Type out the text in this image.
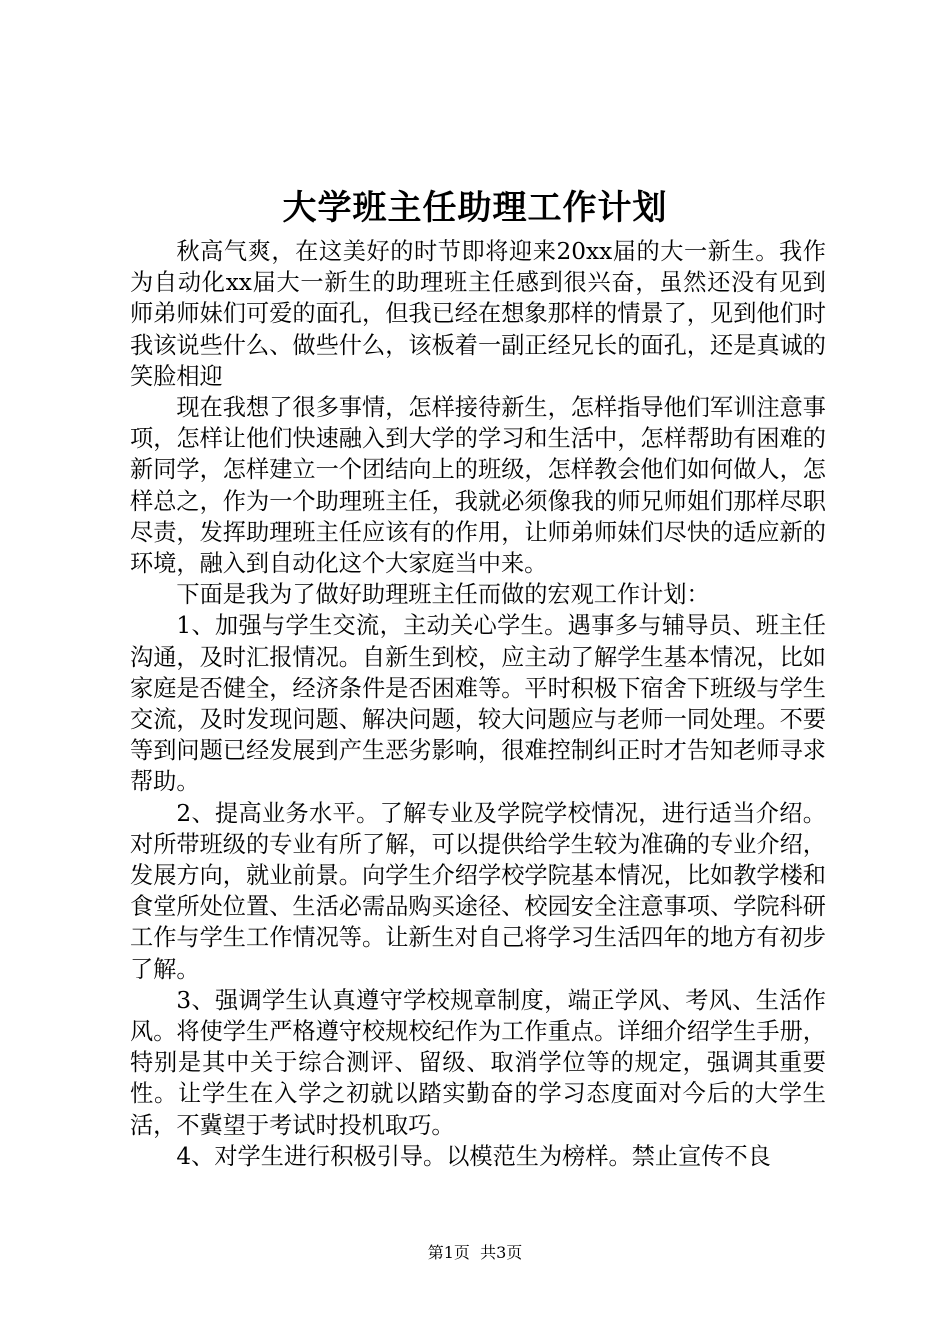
大学班主任助理工作计划

秋高气爽，在这美好的时节即将迎来20xx届的大一新生。我作为自动化xx届大一新生的助理班主任感到很兴奋，虽然还没有见到师弟师妹们可爱的面孔，但我已经在想象那样的情景了，见到他们时我该说些什么、做些什么，该板着一副正经兄长的面孔，还是真诚的笑脸相迎

现在我想了很多事情，怎样接待新生，怎样指导他们军训注意事项，怎样让他们快速融入到大学的学习和生活中，怎样帮助有困难的新同学，怎样建立一个团结向上的班级，怎样教会他们如何做人，怎样总之，作为一个助理班主任，我就必须像我的师兄师姐们那样尽职尽责，发挥助理班主任应该有的作用，让师弟师妹们尽快的适应新的环境，融入到自动化这个大家庭当中来。

下面是我为了做好助理班主任而做的宏观工作计划：

1、加强与学生交流，主动关心学生。遇事多与辅导员、班主任沟通，及时汇报情况。自新生到校，应主动了解学生基本情况，比如家庭是否健全，经济条件是否困难等。平时积极下宿舍下班级与学生交流，及时发现问题、解决问题，较大问题应与老师一同处理。不要等到问题已经发展到产生恶劣影响，很难控制纠正时才告知老师寻求帮助。

2、提高业务水平。了解专业及学院学校情况，进行适当介绍。对所带班级的专业有所了解，可以提供给学生较为准确的专业介绍，发展方向，就业前景。向学生介绍学校学院基本情况，比如教学楼和食堂所处位置、生活必需品购买途径、校园安全注意事项、学院科研工作与学生工作情况等。让新生对自己将学习生活四年的地方有初步了解。

3、强调学生认真遵守学校规章制度，端正学风、考风、生活作风。将使学生严格遵守校规校纪作为工作重点。详细介绍学生手册，特别是其中关于综合测评、留级、取消学位等的规定，强调其重要性。让学生在入学之初就以踏实勤奋的学习态度面对今后的大学生活，不冀望于考试时投机取巧。

4、对学生进行积极引导。以模范生为榜样。禁止宣传不良

第1页 共3页
